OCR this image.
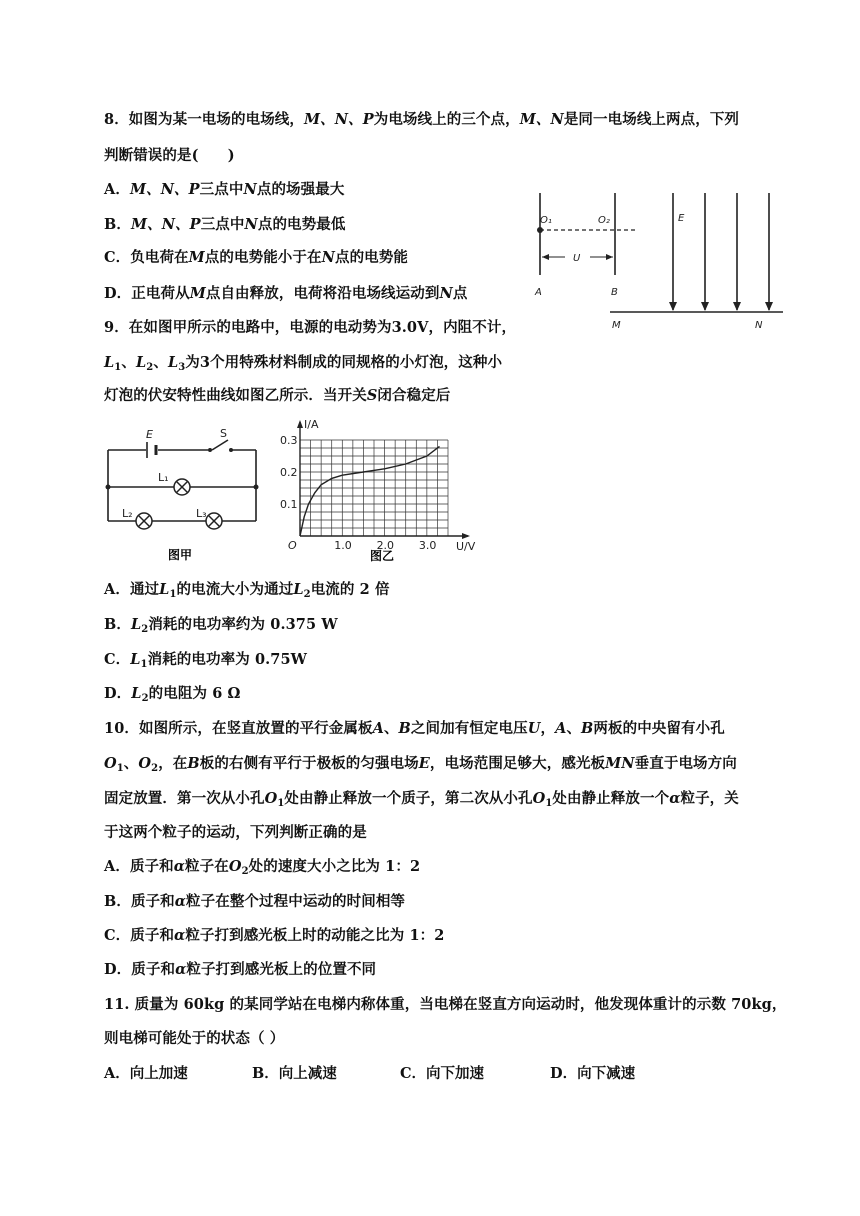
8．如图为某一电场的电场线，M、N、P为电场线上的三个点，M、N是同一电场线上两点，下列
判断错误的是(　　)
A．M、N、P三点中N点的场强最大
B．M、N、P三点中N点的电势最低
C．负电荷在M点的电势能小于在N点的电势能
D．正电荷从M点自由释放，电荷将沿电场线运动到N点
O₁	O₂
U
A	B
E
M	N
9．在如图甲所示的电路中，电源的电动势为3.0V，内阻不计，
$L_1$、$L_2$、$L_3$为3个用特殊材料制成的同规格的小灯泡，这种小
灯泡的伏安特性曲线如图乙所示．当开关S闭合稳定后
E	S
L₁
L₂	L₃
图甲
1.0 2.0 3.0
0.1
0.2
0.3
O	U/V
I/A
图乙
A．通过$L_1$的电流大小为通过$L_2$电流的 2 倍
B．$L_2$消耗的电功率约为 0.375 W
C．$L_1$消耗的电功率为 0.75W
D．$L_2$的电阻为 6 Ω
10．如图所示，在竖直放置的平行金属板A、B之间加有恒定电压U，A、B两板的中央留有小孔
$O_1$、$O_2$，在B板的右侧有平行于极板的匀强电场E，电场范围足够大，感光板MN垂直于电场方向
固定放置．第一次从小孔$O_1$处由静止释放一个质子，第二次从小孔$O_1$处由静止释放一个α粒子，关
于这两个粒子的运动，下列判断正确的是
A．质子和α粒子在$O_2$处的速度大小之比为 1：2
B．质子和α粒子在整个过程中运动的时间相等
C．质子和α粒子打到感光板上时的动能之比为 1：2
D．质子和α粒子打到感光板上的位置不同
11. 质量为 60kg 的某同学站在电梯内称体重，当电梯在竖直方向运动时，他发现体重计的示数 70kg，
则电梯可能处于的状态（ ）
A．向上加速	B．向上减速	C．向下加速	D．向下减速
